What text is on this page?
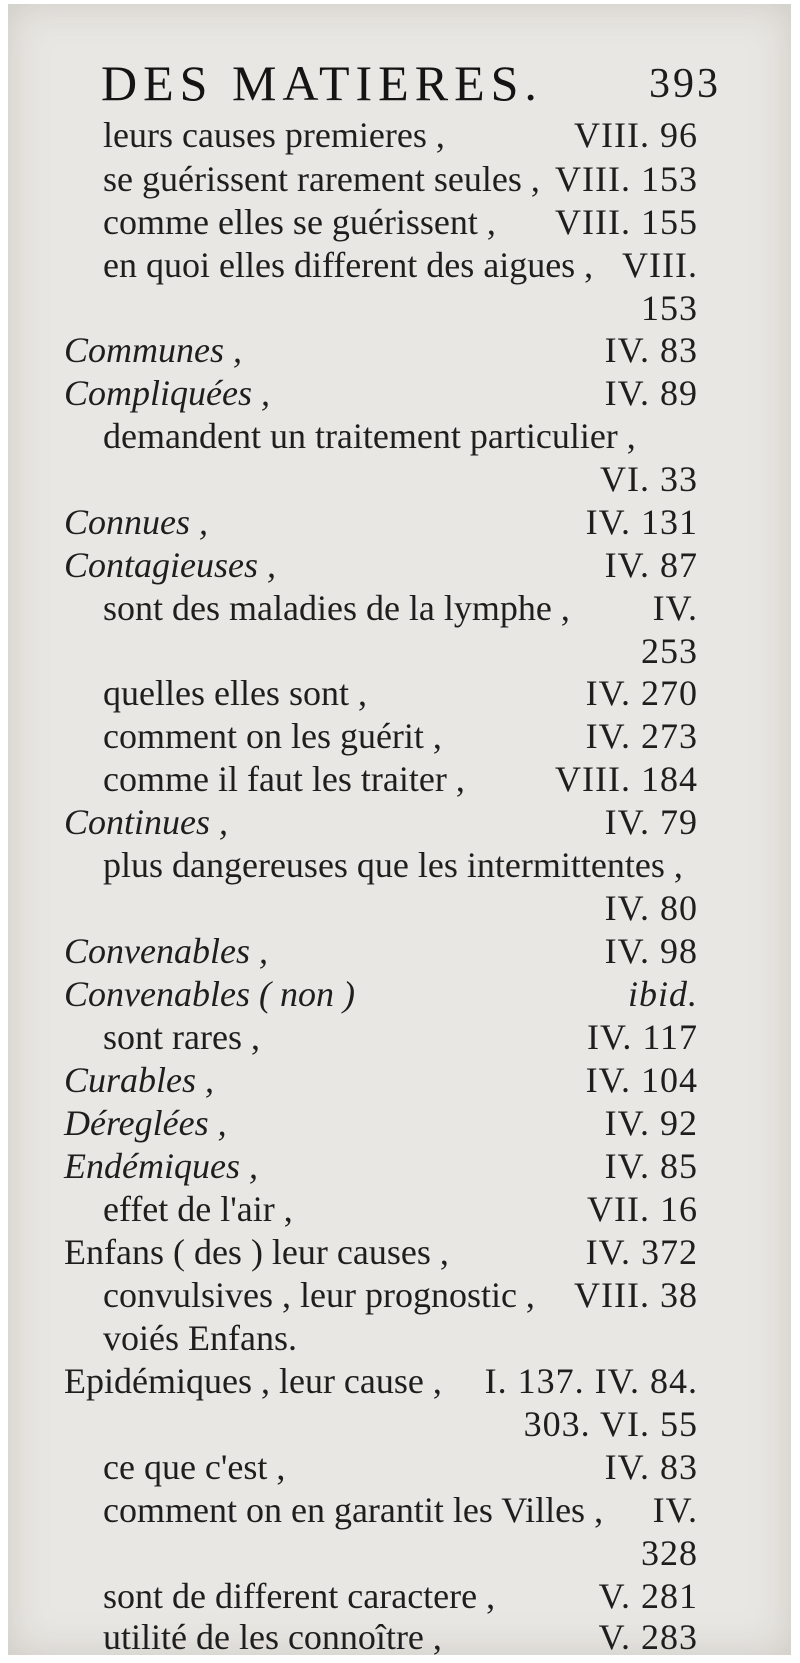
DES MATIERES.	393
leurs causes premieres ,	VIII. 96
se guérissent rarement seules , VIII. 153
comme elles se guérissent , VIII. 155
en quoi elles different des aigues , VIII.
153
Communes ,	IV. 83
Compliquées ,	IV. 89
demandent un traitement particulier ,
VI. 33
Connues ,	IV. 131
Contagieuses ,	IV. 87
sont des maladies de la lymphe , IV.
253
quelles elles sont ,	IV. 270
comment on les guérit ,	IV. 273
comme il faut les traiter ,	VIII. 184
Continues ,	IV. 79
plus dangereuses que les intermittentes ,
IV. 80
Convenables ,	IV. 98
Convenables ( non )	ibid.
sont rares ,	IV. 117
Curables ,	IV. 104
Déreglées ,	IV. 92
Endémiques ,	IV. 85
effet de l'air ,	VII. 16
Enfans ( des ) leur causes ,	IV. 372
convulsives , leur prognostic , VIII. 38
voiés Enfans.
Epidémiques , leur cause , I. 137. IV. 84.
303. VI. 55
ce que c'est ,	IV. 83
comment on en garantit les Villes , IV.
328
sont de different caractere ,	V. 281
utilité de les connoître ,	V. 283
